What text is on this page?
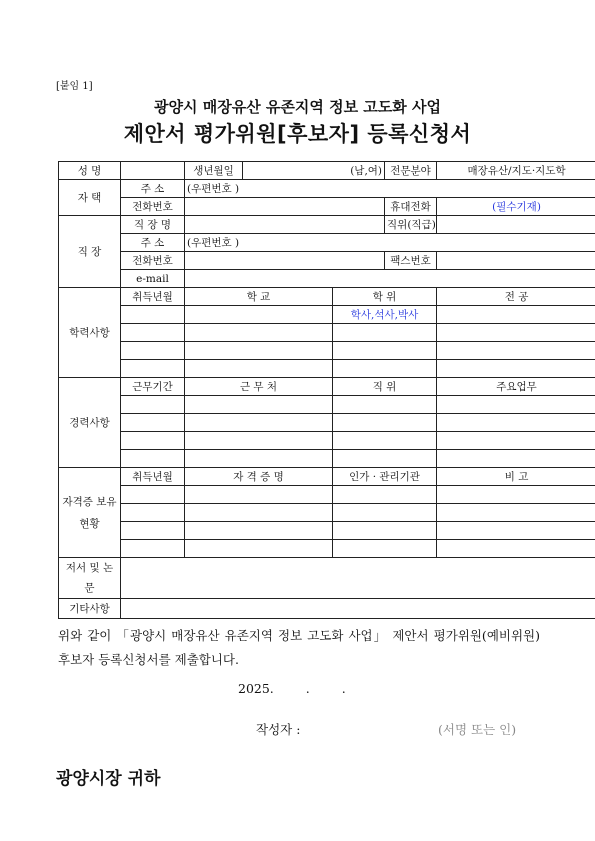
[붙임 1]
광양시 매장유산 유존지역 정보 고도화 사업
제안서 평가위원[후보자] 등록신청서
성 명		생년월일	(남,여)		전문분야	매장유산/지도·지도학
자 택	주 소	(우편번호 )				
	전화번호				휴대전화	(필수기재)
직 장	직 장 명				직위(직급)	
	주 소	(우편번호 )				
	전화번호				팩스번호	
	e-mail					
학력사항	취득년월	학 교		학 위		전 공
				학사,석사,박사		

경력사항	근무기간	근 무 처		직 위		주요업무

자격증 보유현황	취득년월	자 격 증 명		인가 · 관리기관		비 고

저서 및 논문						
기타사항						
위와 같이 「광양시 매장유산 유존지역 정보 고도화 사업」 제안서 평가위원(예비위원) 후보자 등록신청서를 제출합니다.
2025. . .
작성자 :	(서명 또는 인)
광양시장 귀하
